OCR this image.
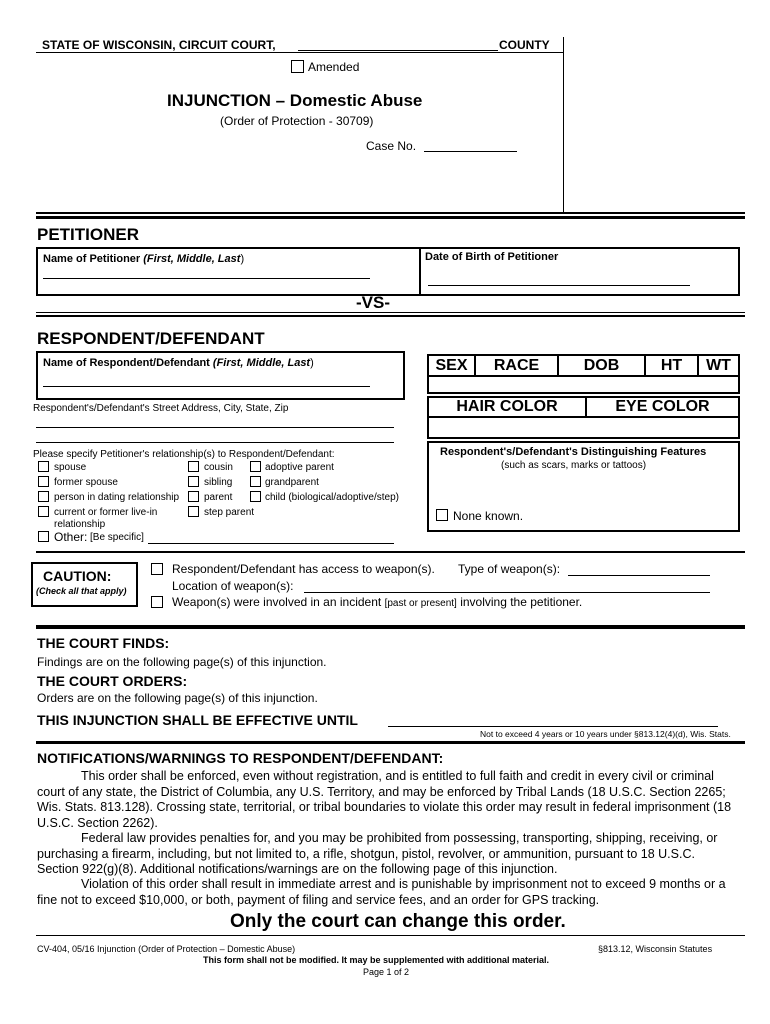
STATE OF WISCONSIN, CIRCUIT COURT,	COUNTY
Amended
INJUNCTION – Domestic Abuse
(Order of Protection - 30709)
Case No.
PETITIONER
Name of Petitioner (First, Middle, Last)	Date of Birth of Petitioner
-VS-
RESPONDENT/DEFENDANT
Name of Respondent/Defendant (First, Middle, Last)
Respondent's/Defendant's Street Address, City, State, Zip
SEX	RACE	DOB	HT	WT
HAIR COLOR	EYE COLOR
Respondent's/Defendant's Distinguishing Features
(such as scars, marks or tattoos)
None known.
Please specify Petitioner's relationship(s) to Respondent/Defendant:
spouse
former spouse
person in dating relationship
current or former live-in
relationship
cousin
sibling
parent
step parent
adoptive parent
grandparent
child (biological/adoptive/step)
Other: [Be specific]
CAUTION:
(Check all that apply)
Respondent/Defendant has access to weapon(s). Type of weapon(s):
Location of weapon(s):
Weapon(s) were involved in an incident [past or present] involving the petitioner.
THE COURT FINDS:
Findings are on the following page(s) of this injunction.
THE COURT ORDERS:
Orders are on the following page(s) of this injunction.
THIS INJUNCTION SHALL BE EFFECTIVE UNTIL
Not to exceed 4 years or 10 years under §813.12(4)(d), Wis. Stats.
NOTIFICATIONS/WARNINGS TO RESPONDENT/DEFENDANT:
This order shall be enforced, even without registration, and is entitled to full faith and credit in every civil or criminal
court of any state, the District of Columbia, any U.S. Territory, and may be enforced by Tribal Lands (18 U.S.C. Section 2265;
Wis. Stats. 813.128). Crossing state, territorial, or tribal boundaries to violate this order may result in federal imprisonment (18
U.S.C. Section 2262).
Federal law provides penalties for, and you may be prohibited from possessing, transporting, shipping, receiving, or
purchasing a firearm, including, but not limited to, a rifle, shotgun, pistol, revolver, or ammunition, pursuant to 18 U.S.C.
Section 922(g)(8). Additional notifications/warnings are on the following page of this injunction.
Violation of this order shall result in immediate arrest and is punishable by imprisonment not to exceed 9 months or a
fine not to exceed $10,000, or both, payment of filing and service fees, and an order for GPS tracking.
Only the court can change this order.
CV-404, 05/16 Injunction (Order of Protection – Domestic Abuse)	§813.12, Wisconsin Statutes
This form shall not be modified. It may be supplemented with additional material.
Page 1 of 2
